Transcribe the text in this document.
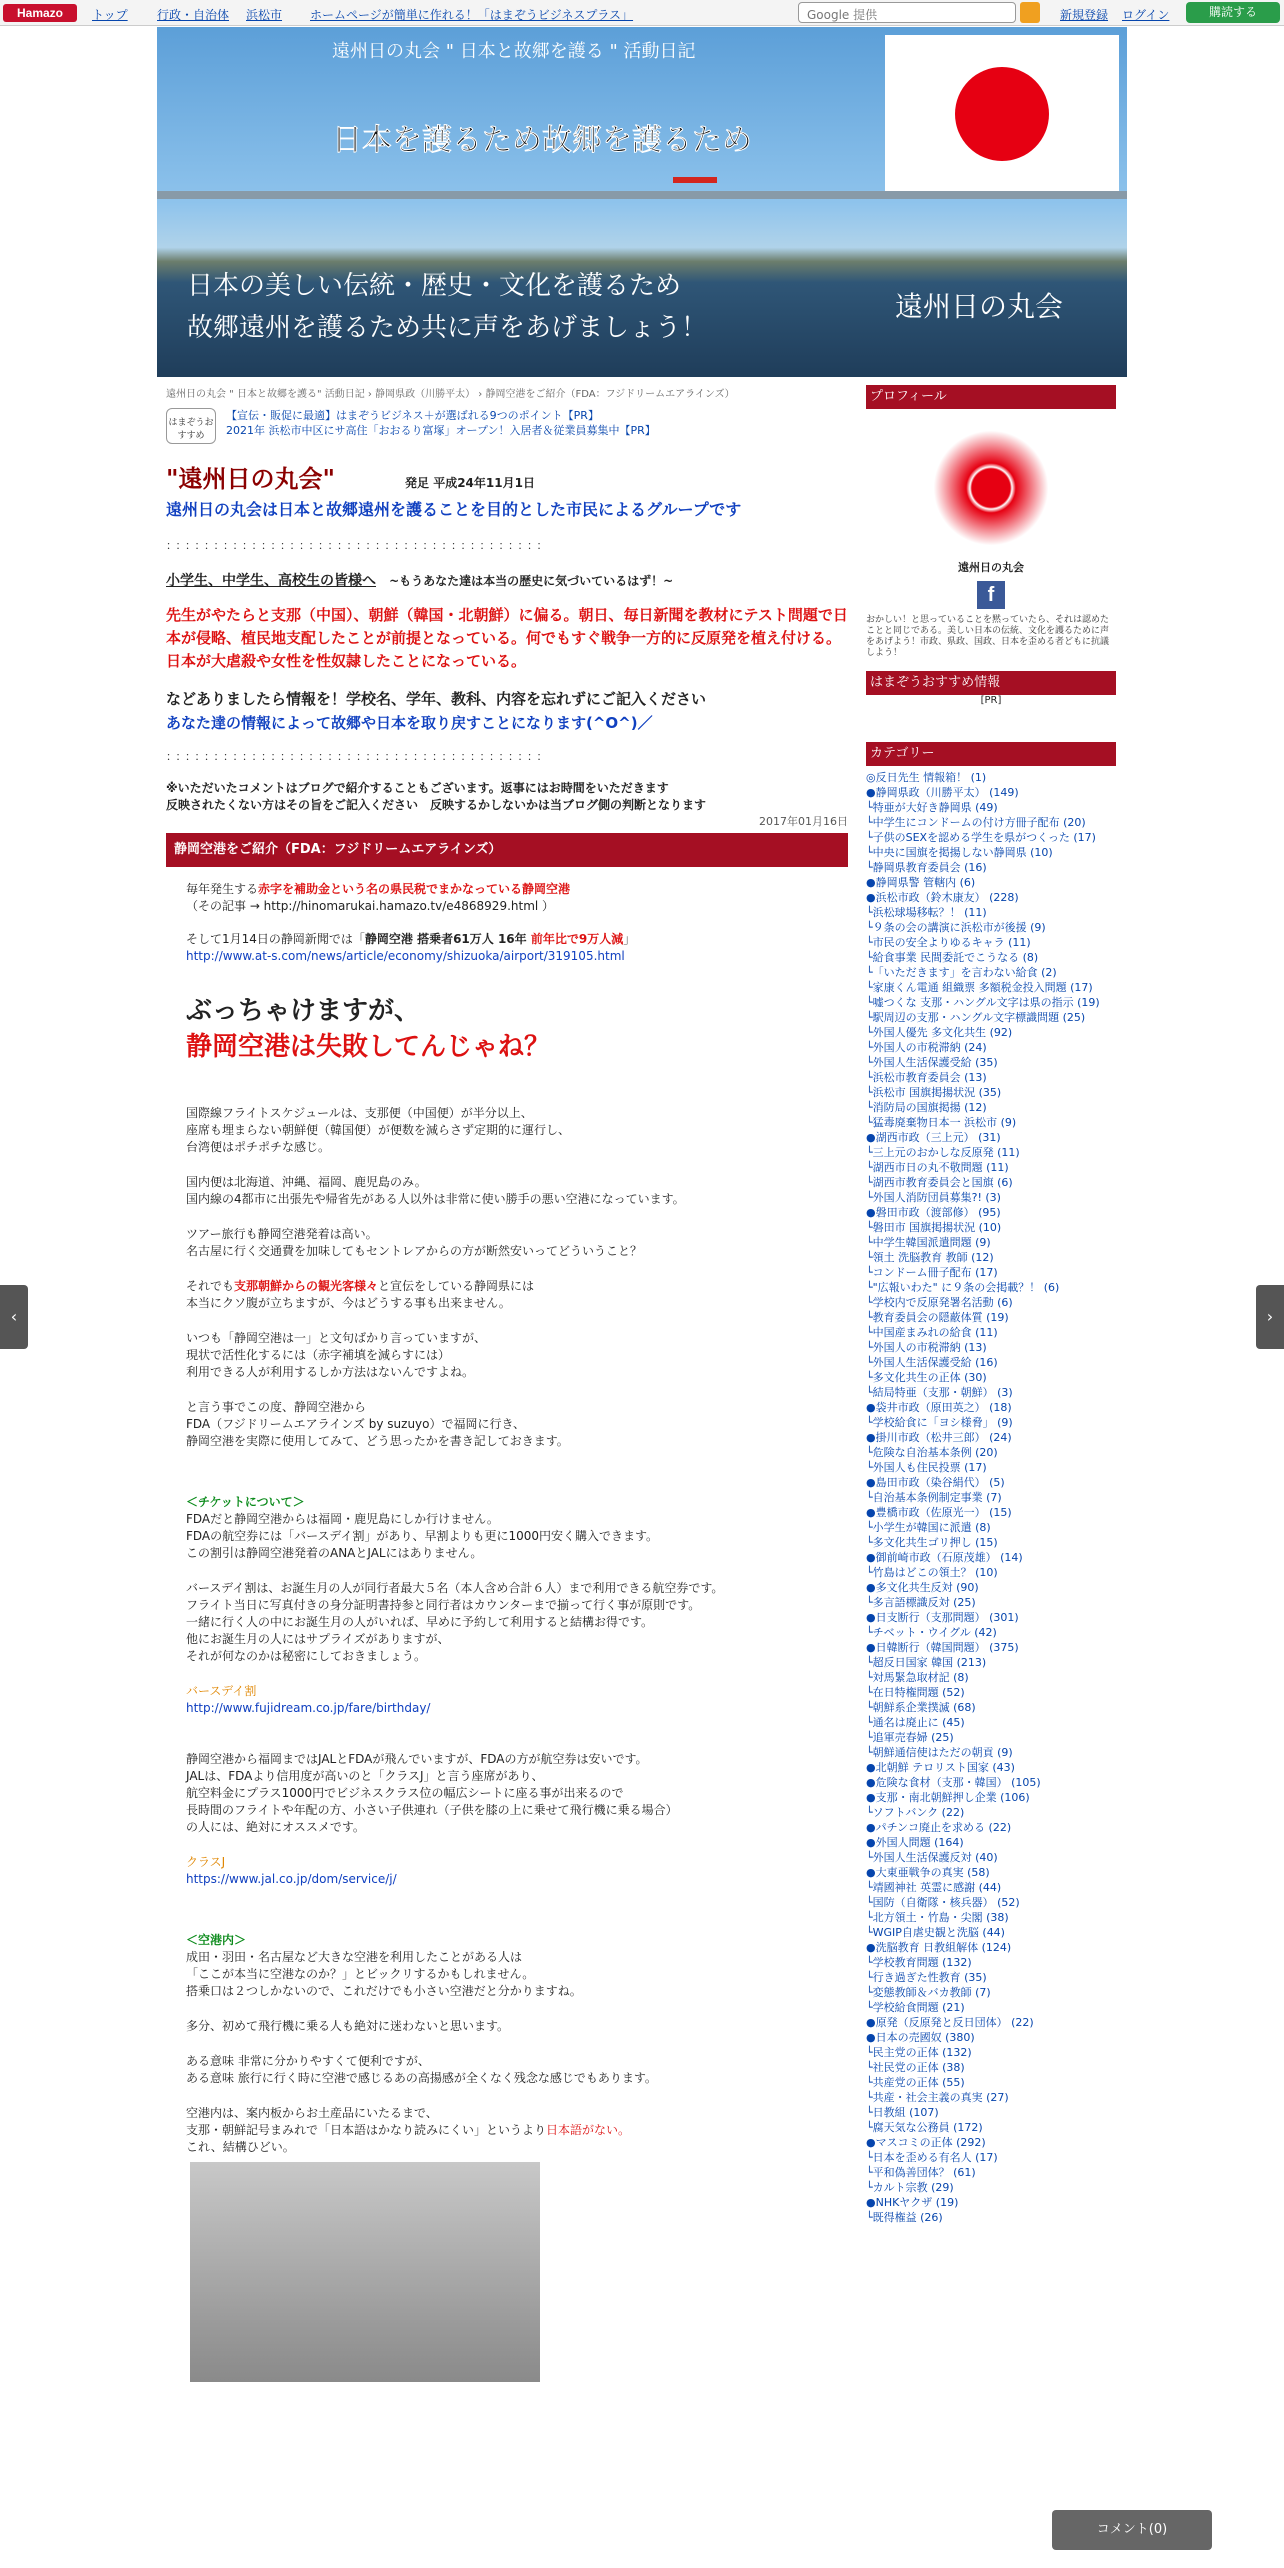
Hamazo	トップ 行政・自治体 浜松市 ホームページが簡単に作れる！「はまぞうビジネスプラス」	Google 提供	新規登録 ログイン	購読する
遠州日の丸会 " 日本と故郷を護る " 活動日記
日本を護るため故郷を護るため
日本の美しい伝統・歴史・文化を護るため
故郷遠州を護るため共に声をあげましょう！
遠州日の丸会
遠州日の丸会 " 日本と故郷を護る" 活動日記 › 静岡県政（川勝平太） › 静岡空港をご紹介（FDA：フジドリームエアラインズ）
はまぞうおすすめ
【宣伝・販促に最適】はまぞうビジネス＋が選ばれる9つのポイント【PR】
2021年 浜松市中区にサ高住「おおるり富塚」オープン！入居者＆従業員募集中【PR】
"遠州日の丸会"	発足 平成24年11月1日
遠州日の丸会は日本と故郷遠州を護ることを目的とした市民によるグループです
：：：：：：：：：：：：：：：：：：：：：：：：：：：：：：：：：：：：：：：：
小学生、中学生、高校生の皆様へ ~もうあなた達は本当の歴史に気づいているはず！~
先生がやたらと支那（中国）、朝鮮（韓国・北朝鮮）に偏る。朝日、毎日新聞を教材にテスト問題で日本が侵略、植民地支配したことが前提となっている。何でもすぐ戦争一方的に反原発を植え付ける。日本が大虐殺や女性を性奴隷したことになっている。
などありましたら情報を！学校名、学年、教科、内容を忘れずにご記入ください
あなた達の情報によって故郷や日本を取り戻すことになります(^O^)／
：：：：：：：：：：：：：：：：：：：：：：：：：：：：：：：：：：：：：：：：
※いただいたコメントはブログで紹介することもございます。返事にはお時間をいただきます
反映されたくない方はその旨をご記入ください　反映するかしないかは当ブログ側の判断となります
2017年01月16日
静岡空港をご紹介（FDA：フジドリームエアラインズ）

毎年発生する赤字を補助金という名の県民税でまかなっている静岡空港

（その記事 → http://hinomarukai.hamazo.tv/e4868929.html ）

そして1月14日の静岡新聞では「静岡空港 搭乗者61万人 16年 前年比で9万人減」

http://www.at-s.com/news/article/economy/shizuoka/airport/319105.html

ぶっちゃけますが、

静岡空港は失敗してんじゃね？

国際線フライトスケジュールは、支那便（中国便）が半分以上、

座席も埋まらない朝鮮便（韓国便）が便数を減らさず定期的に運行し、

台湾便はポチポチな感じ。

国内便は北海道、沖縄、福岡、鹿児島のみ。

国内線の4都市に出張先や帰省先がある人以外は非常に使い勝手の悪い空港になっています。

ツアー旅行も静岡空港発着は高い。

名古屋に行く交通費を加味してもセントレアからの方が断然安いってどういうこと？

それでも支那朝鮮からの観光客様々と宣伝をしている静岡県には

本当にクソ腹が立ちますが、今はどうする事も出来ません。

いつも「静岡空港は一」と文句ばかり言っていますが、

現状で活性化するには（赤字補填を減らすには）

利用できる人が利用するしか方法はないんですよね。

と言う事でこの度、静岡空港から

FDA（フジドリームエアラインズ by suzuyo）で福岡に行き、

静岡空港を実際に使用してみて、どう思ったかを書き記しておきます。

＜チケットについて＞

FDAだと静岡空港からは福岡・鹿児島にしか行けません。

FDAの航空券には「バースデイ割」があり、早割よりも更に1000円安く購入できます。

この割引は静岡空港発着のANAとJALにはありません。

バースデイ割は、お誕生月の人が同行者最大５名（本人含め合計６人）まで利用できる航空券です。

フライト当日に写真付きの身分証明書持参と同行者はカウンターまで揃って行く事が原則です。

一緒に行く人の中にお誕生月の人がいれば、早めに予約して利用すると結構お得です。

他にお誕生月の人にはサプライズがありますが、

それが何なのかは秘密にしておきましょう。

バースデイ割

http://www.fujidream.co.jp/fare/birthday/

静岡空港から福岡まではJALとFDAが飛んでいますが、FDAの方が航空券は安いです。

JALは、FDAより信用度が高いのと「クラスJ」と言う座席があり、

航空料金にプラス1000円でビジネスクラス位の幅広シートに座る事が出来るので

長時間のフライトや年配の方、小さい子供連れ（子供を膝の上に乗せて飛行機に乗る場合）

の人には、絶対にオススメです。

クラスJ

https://www.jal.co.jp/dom/service/j/

＜空港内＞

成田・羽田・名古屋など大きな空港を利用したことがある人は

「ここが本当に空港なのか？」とビックリするかもしれません。

搭乗口は２つしかないので、これだけでも小さい空港だと分かりますね。

多分、初めて飛行機に乗る人も絶対に迷わないと思います。

ある意味 非常に分かりやすくて便利ですが、

ある意味 旅行に行く時に空港で感じるあの高揚感が全くなく残念な感じでもあります。

空港内は、案内板からお土産品にいたるまで、

支那・朝鮮記号まみれで「日本語はかなり読みにくい」というより日本語がない。

これ、結構ひどい。

プロフィール
遠州日の丸会
f
おかしい！と思っていることを黙っていたら、それは認めたことと同じである。美しい日本の伝統、文化を護るために声をあげよう！市政、県政、国政、日本を歪める者どもに抗議しよう！
はまぞうおすすめ情報
[PR]
カテゴリー
◎反日先生 情報箱！ (1)
●静岡県政（川勝平太） (149)
└特亜が大好き静岡県 (49)
└中学生にコンドームの付け方冊子配布 (20)
└子供のSEXを認める学生を県がつくった (17)
└中央に国旗を掲揚しない静岡県 (10)
└静岡県教育委員会 (16)
●静岡県警 管轄内 (6)
●浜松市政（鈴木康友） (228)
└浜松球場移転？！ (11)
└９条の会の講演に浜松市が後援 (9)
└市民の安全よりゆるキャラ (11)
└給食事業 民間委託でこうなる (8)
└「いただきます」を言わない給食 (2)
└家康くん電通 組織票 多額税金投入問題 (17)
└嘘つくな 支那・ハングル文字は県の指示 (19)
└駅周辺の支那・ハングル文字標識問題 (25)
└外国人優先 多文化共生 (92)
└外国人の市税滞納 (24)
└外国人生活保護受給 (35)
└浜松市教育委員会 (13)
└浜松市 国旗掲揚状況 (35)
└消防局の国旗掲揚 (12)
└猛毒廃棄物日本一 浜松市 (9)
●湖西市政（三上元） (31)
└三上元のおかしな反原発 (11)
└湖西市日の丸不敬問題 (11)
└湖西市教育委員会と国旗 (6)
└外国人消防団員募集?! (3)
●磐田市政（渡部修） (95)
└磐田市 国旗掲揚状況 (10)
└中学生韓国派遣問題 (9)
└領土 洗脳教育 教師 (12)
└コンドーム冊子配布 (17)
└"広報いわた" に９条の会掲載？！ (6)
└学校内で反原発署名活動 (6)
└教育委員会の隠蔽体質 (19)
└中国産まみれの給食 (11)
└外国人の市税滞納 (13)
└外国人生活保護受給 (16)
└多文化共生の正体 (30)
└結局特亜（支那・朝鮮） (3)
●袋井市政（原田英之） (18)
└学校給食に「ヨシ様脅」 (9)
●掛川市政（松井三郎） (24)
└危険な自治基本条例 (20)
└外国人も住民投票 (17)
●島田市政（染谷絹代） (5)
└自治基本条例制定事業 (7)
●豊橋市政（佐原光一） (15)
└小学生が韓国に派遣 (8)
└多文化共生ゴリ押し (15)
●御前崎市政（石原茂雄） (14)
└竹島はどこの領土？ (10)
●多文化共生反対 (90)
└多言語標識反対 (25)
●日支断行（支那問題） (301)
└チベット・ウイグル (42)
●日韓断行（韓国問題） (375)
└超反日国家 韓国 (213)
└対馬緊急取材記 (8)
└在日特権問題 (52)
└朝鮮系企業撲滅 (68)
└通名は廃止に (45)
└追軍売春婦 (25)
└朝鮮通信使はただの朝貢 (9)
●北朝鮮 テロリスト国家 (43)
●危険な食材（支那・韓国） (105)
●支那・南北朝鮮押し企業 (106)
└ソフトバンク (22)
●パチンコ廃止を求める (22)
●外国人問題 (164)
└外国人生活保護反対 (40)
●大東亜戦争の真実 (58)
└靖國神社 英霊に感謝 (44)
└国防（自衛隊・核兵器） (52)
└北方領土・竹島・尖閣 (38)
└WGIP自虐史観と洗脳 (44)
●洗脳教育 日教組解体 (124)
└学校教育問題 (132)
└行き過ぎた性教育 (35)
└変態教師＆バカ教師 (7)
└学校給食問題 (21)
●原発（反原発と反日団体） (22)
●日本の売國奴 (380)
└民主党の正体 (132)
└社民党の正体 (38)
└共産党の正体 (55)
└共産・社会主義の真実 (27)
└日教組 (107)
└腐天気な公務員 (172)
●マスコミの正体 (292)
└日本を歪める有名人 (17)
└平和偽善団体？ (61)
└カルト宗教 (29)
●NHKヤクザ (19)
└既得権益 (26)
‹	›
コメント(0)
